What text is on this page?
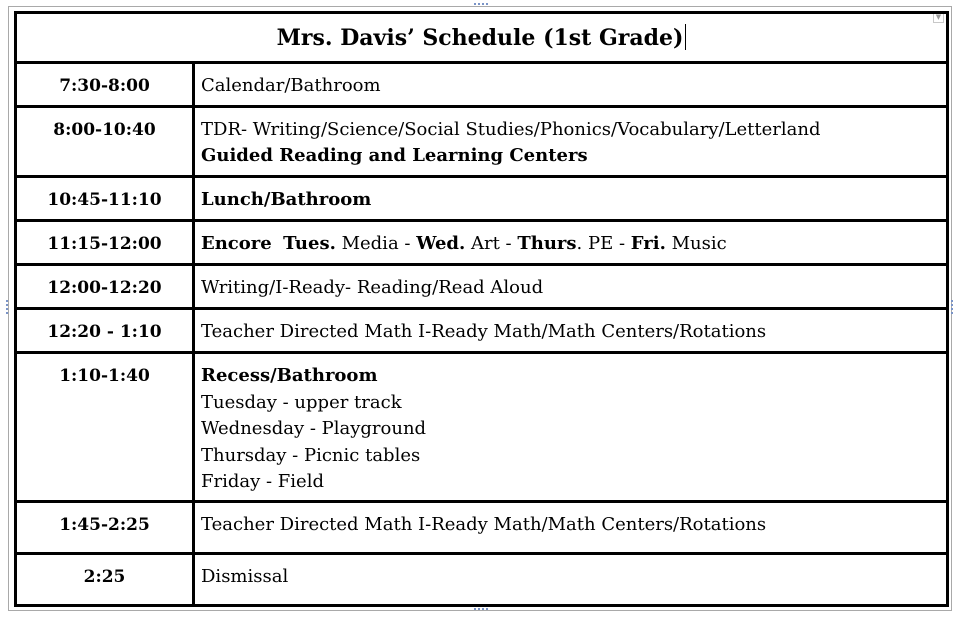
▼
Mrs. Davis’ Schedule (1st Grade)	
7:30-8:00	Calendar/Bathroom

8:00-10:40	TDR- Writing/Science/Social Studies/Phonics/Vocabulary/Letterland
Guided Reading and Learning Centers

10:45-11:10	Lunch/Bathroom

11:15-12:00	Encore Tues. Media - Wed. Art - Thurs. PE - Fri. Music

12:00-12:20	Writing/I-Ready- Reading/Read Aloud

12:20 - 1:10	Teacher Directed Math I-Ready Math/Math Centers/Rotations

1:10-1:40	Recess/Bathroom
Tuesday - upper track
Wednesday - Playground
Thursday - Picnic tables
Friday - Field

1:45-2:25	Teacher Directed Math I-Ready Math/Math Centers/Rotations

2:25	Dismissal
